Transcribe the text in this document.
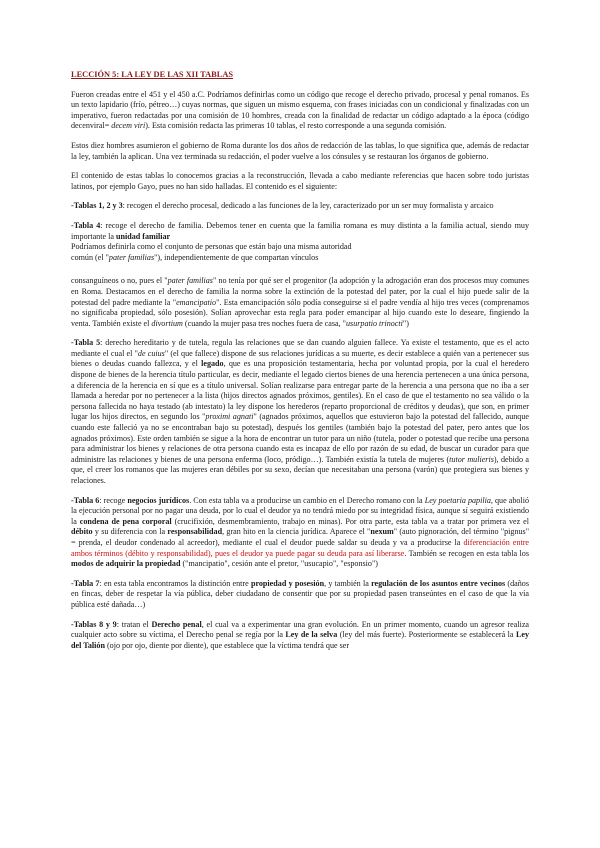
LECCIÓN 5: LA LEY DE LAS XII TABLAS

Fueron creadas entre el 451 y el 450 a.C. Podríamos definirlas como un código que recoge el derecho privado, procesal y penal romanos. Es un texto lapidario (frío, pétreo…) cuyas normas, que siguen un mismo esquema, con frases iniciadas con un condicional y finalizadas con un imperativo, fueron redactadas por una comisión de 10 hombres, creada con la finalidad de redactar un código adaptado a la época (código decenviral= decem viri). Esta comisión redacta las primeras 10 tablas, el resto corresponde a una segunda comisión.

Estos diez hombres asumieron el gobierno de Roma durante los dos años de redacción de las tablas, lo que significa que, además de redactar la ley, también la aplican. Una vez terminada su redacción, el poder vuelve a los cónsules y se restauran los órganos de gobierno.

El contenido de estas tablas lo conocemos gracias a la reconstrucción, llevada a cabo mediante referencias que hacen sobre todo juristas latinos, por ejemplo Gayo, pues no han sido halladas. El contenido es el siguiente:

-Tablas 1, 2 y 3: recogen el derecho procesal, dedicado a las funciones de la ley, caracterizado por un ser muy formalista y arcaico

-Tabla 4: recoge el derecho de familia. Debemos tener en cuenta que la familia romana es muy distinta a la familia actual, siendo muy importante la unidad familiar
Podríamos definirla como el conjunto de personas que están bajo una misma autoridad
común (el "pater familias"), independientemente de que compartan vínculos

consanguíneos o no, pues el "pater familias" no tenía por qué ser el progenitor (la adopción y la adrogación eran dos procesos muy comunes en Roma. Destacamos en el derecho de familia la norma sobre la extinción de la potestad del pater, por la cual el hijo puede salir de la potestad del padre mediante la "emancipatio". Esta emancipación sólo podía conseguirse si el padre vendía al hijo tres veces (comprenamos no significaba propiedad, sólo posesión). Solían aprovechar esta regla para poder emancipar al hijo cuando este lo deseare, fingiendo la venta. También existe el divortium (cuando la mujer pasa tres noches fuera de casa, "usurpatio trinocti")

-Tabla 5: derecho hereditario y de tutela, regula las relaciones que se dan cuando alguien fallece. Ya existe el testamento, que es el acto mediante el cual el "de cuius" (el que fallece) dispone de sus relaciones jurídicas a su muerte, es decir establece a quién van a pertenecer sus bienes o deudas cuando fallezca, y el legado, que es una proposición testamentaria, hecha por voluntad propia, por la cual el heredero dispone de bienes de la herencia título particular, es decir, mediante el legado ciertos bienes de una herencia pertenecen a una única persona, a diferencia de la herencia en sí que es a título universal. Solían realizarse para entregar parte de la herencia a una persona que no iba a ser llamada a heredar por no pertenecer a la lista (hijos directos agnados próximos, gentiles). En el caso de que el testamento no sea válido o la persona fallecida no haya testado (ab intestato) la ley dispone los herederos (reparto proporcional de créditos y deudas), que son, en primer lugar los hijos directos, en segundo los "proximi agnati" (agnados próximos, aquellos que estuvieron bajo la potestad del fallecido, aunque cuando este falleció ya no se encontraban bajo su potestad), después los gentiles (también bajo la potestad del pater, pero antes que los agnados próximos). Este orden también se sigue a la hora de encontrar un tutor para un niño (tutela, poder o potestad que recibe una persona para administrar los bienes y relaciones de otra persona cuando esta es incapaz de ello por razón de su edad, de buscar un curador para que administre las relaciones y bienes de una persona enferma (loco, pródigo…). También existía la tutela de mujeres (tutor mulieris), debido a que, el creer los romanos que las mujeres eran débiles por su sexo, decían que necesitaban una persona (varón) que protegiera sus bienes y relaciones.

-Tabla 6: recoge negocios jurídicos. Con esta tabla va a producirse un cambio en el Derecho romano con la Ley poetaria papilia, que abolió la ejecución personal por no pagar una deuda, por lo cual el deudor ya no tendrá miedo por su integridad física, aunque sí seguirá existiendo la condena de pena corporal (crucifixión, desmembramiento, trabajo en minas). Por otra parte, esta tabla va a tratar por primera vez el débito y su diferencia con la responsabilidad, gran hito en la ciencia jurídica. Aparece el "nexum" (auto pignoración, del término "pignus" = prenda, el deudor condenado al acreedor), mediante el cual el deudor puede saldar su deuda y va a producirse la diferenciación entre ambos términos (débito y responsabilidad), pues el deudor ya puede pagar su deuda para así liberarse. También se recogen en esta tabla los modos de adquirir la propiedad ("mancipatio", cesión ante el pretor, "usucapio", "esponsio")

-Tabla 7: en esta tabla encontramos la distinción entre propiedad y posesión, y también la regulación de los asuntos entre vecinos (daños en fincas, deber de respetar la vía pública, deber ciudadano de consentir que por su propiedad pasen transeúntes en el caso de que la vía pública esté dañada…)

-Tablas 8 y 9: tratan el Derecho penal, el cual va a experimentar una gran evolución. En un primer momento, cuando un agresor realiza cualquier acto sobre su víctima, el Derecho penal se regía por la Ley de la selva (ley del más fuerte). Posteriormente se establecerá la Ley del Talión (ojo por ojo, diente por diente), que establece que la víctima tendrá que ser
